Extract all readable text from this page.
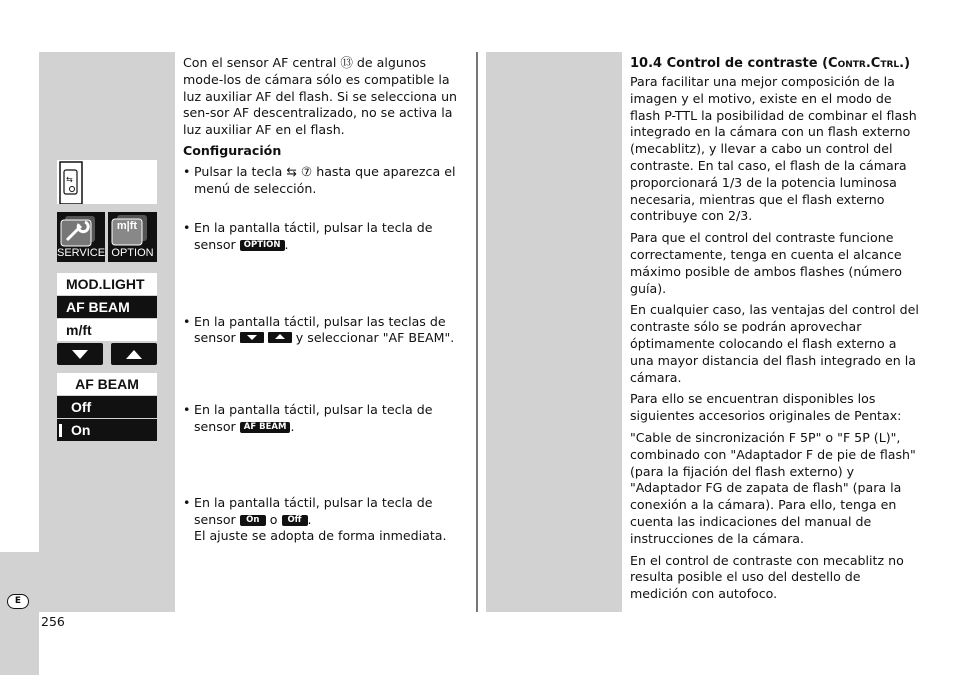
⇆
SERVICE
m|ft
OPTION
MOD.LIGHT
AF BEAM
m/ft
AF BEAM
Off
On
Con el sensor AF central ⑬ de algunos mode-los de cámara sólo es compatible la luz auxiliar AF del flash. Si se selecciona un sen-sor AF descentralizado, no se activa la luz auxiliar AF en el flash.
Configuración
• Pulsar la tecla ⇆ ⑦ hasta que aparezca el menú de selección.
• En la pantalla táctil, pulsar la tecla de sensor OPTION .
• En la pantalla táctil, pulsar las teclas de sensor	y seleccionar "AF BEAM".
• En la pantalla táctil, pulsar la tecla de sensor AF BEAM .
• En la pantalla táctil, pulsar la tecla de sensor On o Off .
El ajuste se adopta de forma inmediata.
10.4 Control de contraste (Contr.Ctrl.)

Para facilitar una mejor composición de la imagen y el motivo, existe en el modo de flash P-TTL la posibilidad de combinar el flash integrado en la cámara con un flash externo (mecablitz), y llevar a cabo un control del contraste. En tal caso, el flash de la cámara proporcionará 1/3 de la potencia luminosa necesaria, mientras que el flash externo contribuye con 2/3.

Para que el control del contraste funcione correctamente, tenga en cuenta el alcance máximo posible de ambos flashes (número guía).

En cualquier caso, las ventajas del control del contraste sólo se podrán aprovechar óptimamente colocando el flash externo a una mayor distancia del flash integrado en la cámara.

Para ello se encuentran disponibles los siguientes accesorios originales de Pentax:

"Cable de sincronización F 5P" o "F 5P (L)", combinado con "Adaptador F de pie de flash" (para la fijación del flash externo) y "Adaptador FG de zapata de flash" (para la conexión a la cámara). Para ello, tenga en cuenta las indicaciones del manual de instrucciones de la cámara.

En el control de contraste con mecablitz no resulta posible el uso del destello de medición con autofoco.

E
256
